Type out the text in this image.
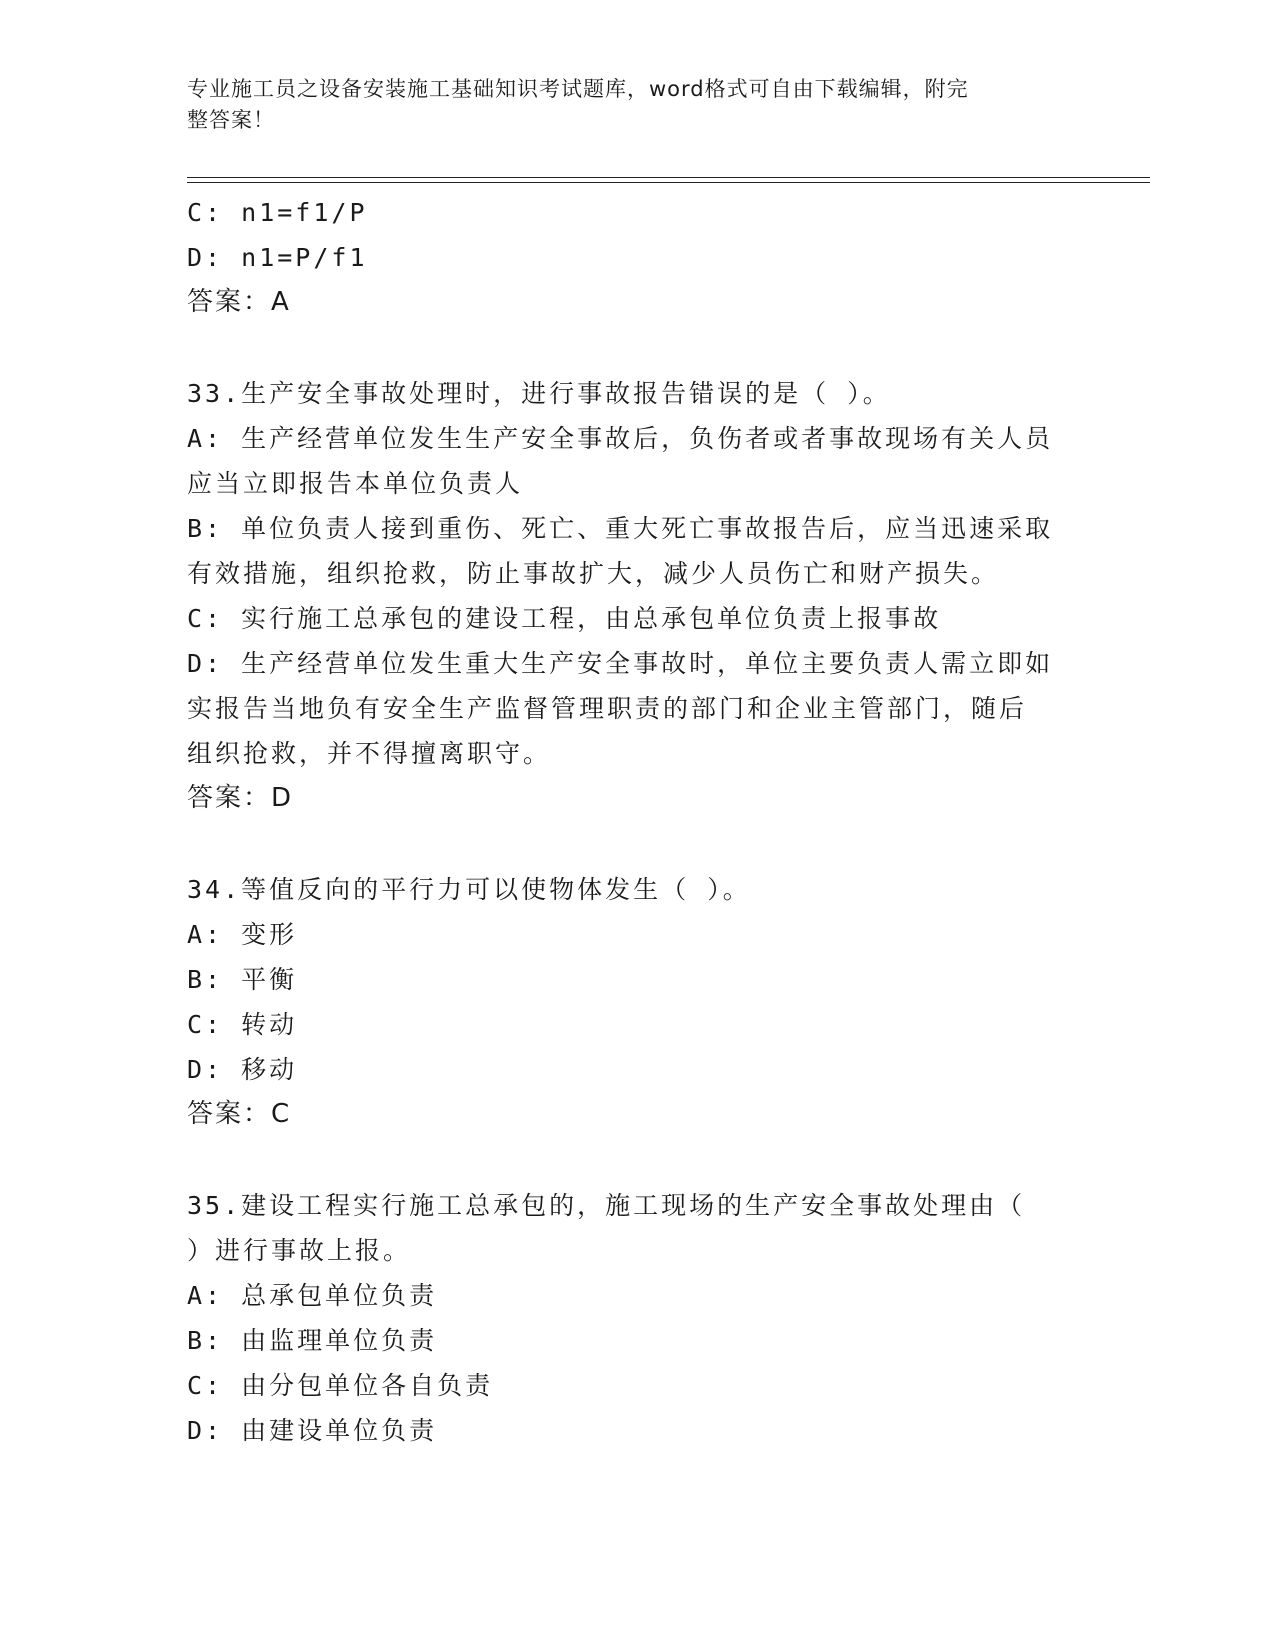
专业施工员之设备安装施工基础知识考试题库，word格式可自由下载编辑，附完
整答案！
C: n1=f1/P
D: n1=P/f1
答案：A
33.生产安全事故处理时，进行事故报告错误的是（ ）。
A: 生产经营单位发生生产安全事故后，负伤者或者事故现场有关人员
应当立即报告本单位负责人
B: 单位负责人接到重伤、死亡、重大死亡事故报告后，应当迅速采取
有效措施，组织抢救，防止事故扩大，减少人员伤亡和财产损失。
C: 实行施工总承包的建设工程，由总承包单位负责上报事故
D: 生产经营单位发生重大生产安全事故时，单位主要负责人需立即如
实报告当地负有安全生产监督管理职责的部门和企业主管部门，随后
组织抢救，并不得擅离职守。
答案：D
34.等值反向的平行力可以使物体发生（ ）。
A: 变形
B: 平衡
C: 转动
D: 移动
答案：C
35.建设工程实行施工总承包的，施工现场的生产安全事故处理由（
）进行事故上报。
A: 总承包单位负责
B: 由监理单位负责
C: 由分包单位各自负责
D: 由建设单位负责
